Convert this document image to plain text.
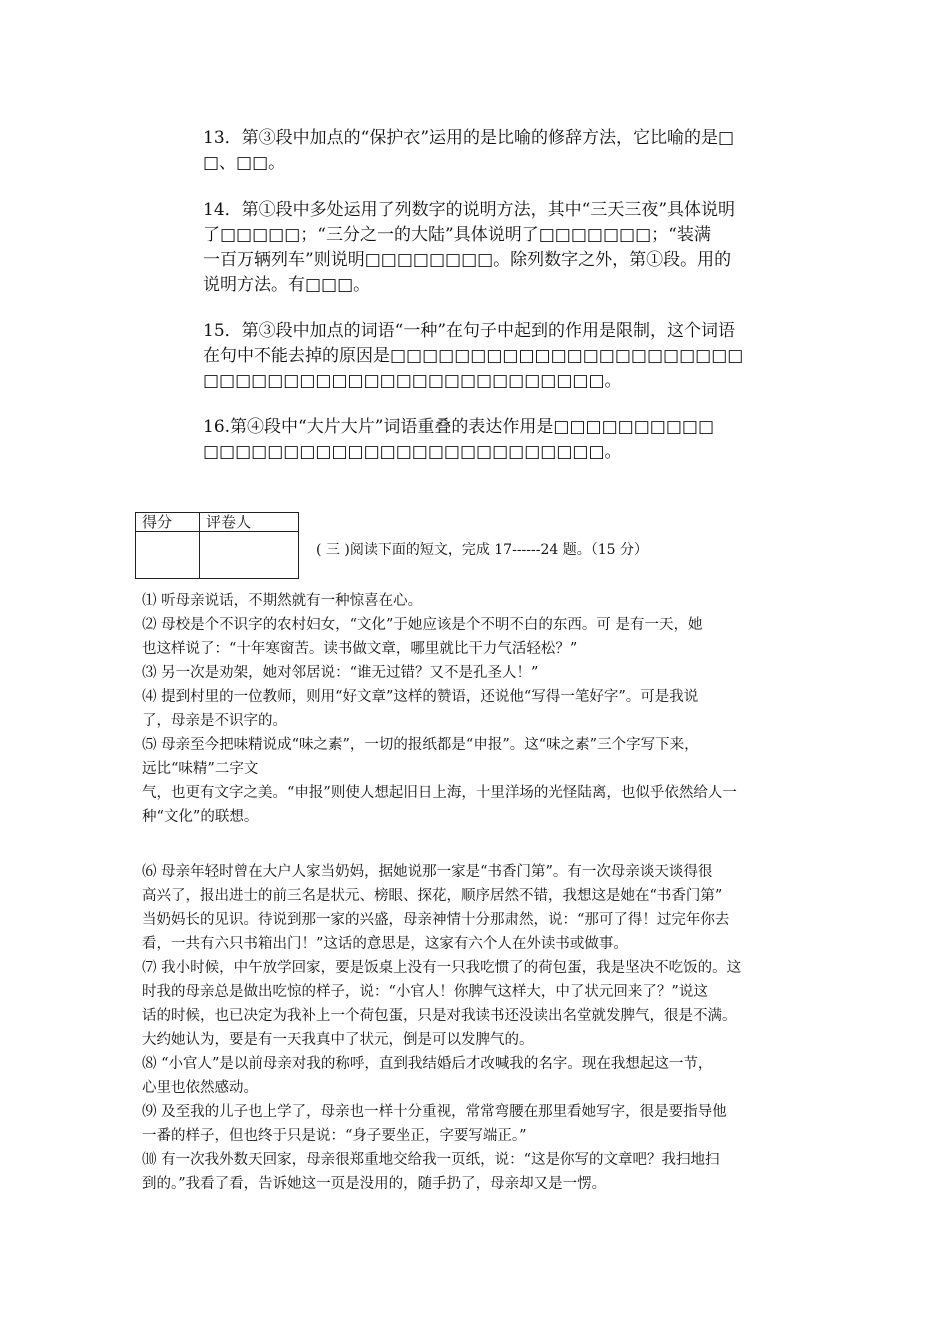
13．第③段中加点的“保护衣”运用的是比喻的修辞方法，它比喻的是□

□、□□。

14．第①段中多处运用了列数字的说明方法，其中“三天三夜”具体说明

了□□□□□；“三分之一的大陆”具体说明了□□□□□□□；“装满

一百万辆列车”则说明□□□□□□□□。除列数字之外，第①段。用的

说明方法。有□□□。

15．第③段中加点的词语“一种”在句子中起到的作用是限制，这个词语

在句中不能去掉的原因是□□□□□□□□□□□□□□□□□□□□□□

□□□□□□□□□□□□□□□□□□□□□□□□□。

16.第④段中“大片大片”词语重叠的表达作用是□□□□□□□□□□

□□□□□□□□□□□□□□□□□□□□□□□□□。

得分	评卷人

( 三 )阅读下面的短文，完成 17------24 题。（15 分）

⑴ 听母亲说话，不期然就有一种惊喜在心。

⑵ 母校是个不识字的农村妇女，“文化”于她应该是个不明不白的东西。可 是有一天，她

也这样说了：“十年寒窗苦。读书做文章，哪里就比干力气活轻松？”

⑶ 另一次是劝架，她对邻居说：“谁无过错？又不是孔圣人！”

⑷ 提到村里的一位教师，则用“好文章”这样的赞语，还说他“写得一笔好字”。可是我说

了，母亲是不识字的。

⑸ 母亲至今把味精说成“味之素”，一切的报纸都是“申报”。这“味之素”三个字写下来，

远比“味精”二字文

气，也更有文字之美。“申报”则使人想起旧日上海，十里洋场的光怪陆离，也似乎依然给人一

种“文化”的联想。

⑹ 母亲年轻时曾在大户人家当奶妈，据她说那一家是“书香门第”。有一次母亲谈天谈得很

高兴了，报出进士的前三名是状元、榜眼、探花，顺序居然不错，我想这是她在“书香门第”

当奶妈长的见识。待说到那一家的兴盛，母亲神情十分那肃然，说：“那可了得！过完年你去

看，一共有六只书箱出门！”这话的意思是，这家有六个人在外读书或做事。

⑺ 我小时候，中午放学回家，要是饭桌上没有一只我吃惯了的荷包蛋，我是坚决不吃饭的。这

时我的母亲总是做出吃惊的样子，说：“小官人！你脾气这样大，中了状元回来了？”说这

话的时候，也已决定为我补上一个荷包蛋，只是对我读书还没读出名堂就发脾气，很是不满。

大约她认为，要是有一天我真中了状元，倒是可以发脾气的。

⑻ “小官人”是以前母亲对我的称呼，直到我结婚后才改喊我的名字。现在我想起这一节，

心里也依然感动。

⑼ 及至我的儿子也上学了，母亲也一样十分重视，常常弯腰在那里看她写字，很是要指导他

一番的样子，但也终于只是说：“身子要坐正，字要写端正。”

⑽ 有一次我外数天回家，母亲很郑重地交给我一页纸，说：“这是你写的文章吧？我扫地扫

到的。”我看了看，告诉她这一页是没用的，随手扔了，母亲却又是一愣。
